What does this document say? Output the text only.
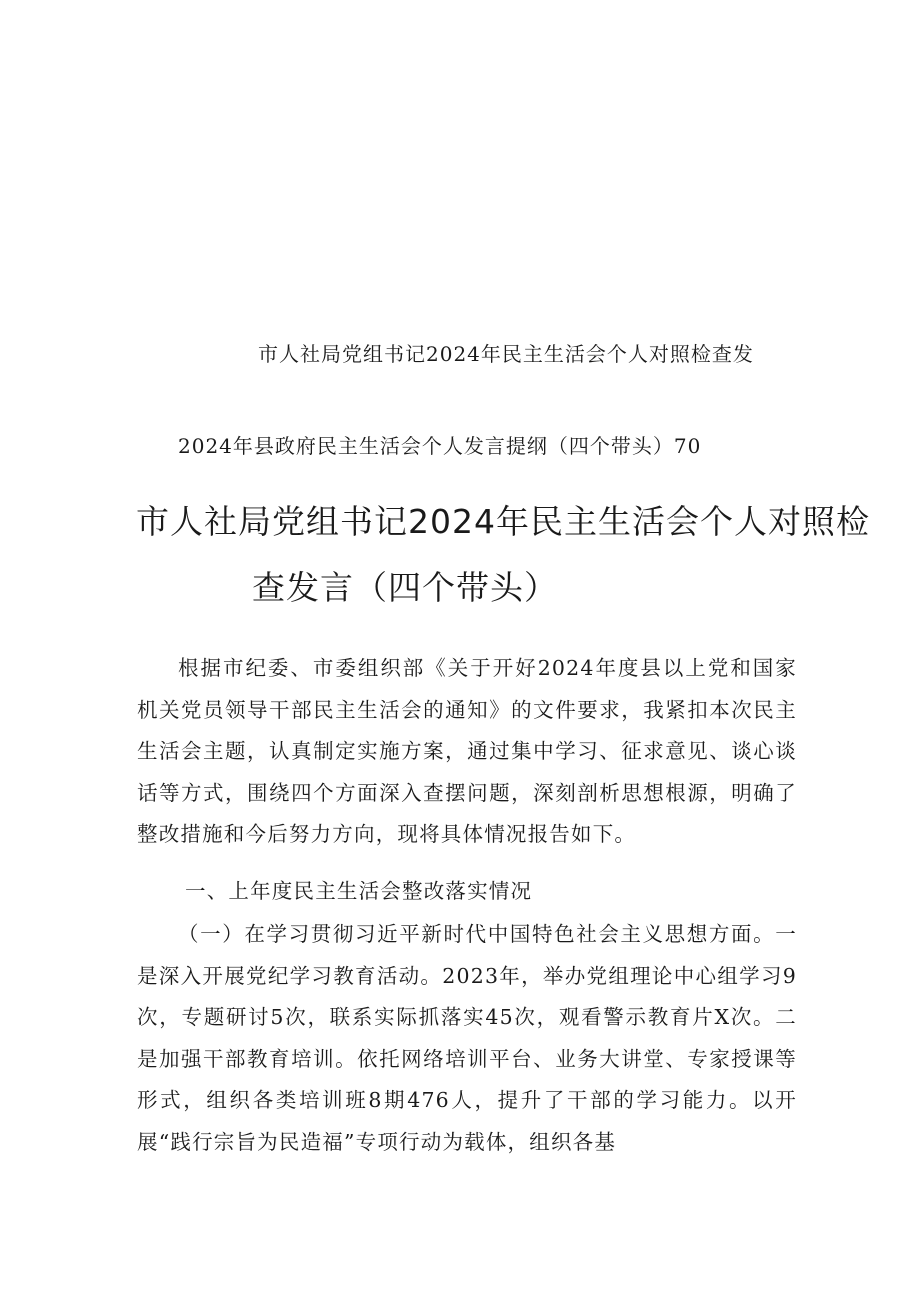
市人社局党组书记2024年民主生活会个人对照检查发
2024年县政府民主生活会个人发言提纲（四个带头）70
市人社局党组书记2024年民主生活会个人对照检
查发言（四个带头）

根据市纪委、市委组织部《关于开好2024年度县以上党和国家机关党员领导干部民主生活会的通知》的文件要求，我紧扣本次民主生活会主题，认真制定实施方案，通过集中学习、征求意见、谈心谈话等方式，围绕四个方面深入查摆问题，深刻剖析思想根源，明确了整改措施和今后努力方向，现将具体情况报告如下。

一、上年度民主生活会整改落实情况

（一）在学习贯彻习近平新时代中国特色社会主义思想方面。一是深入开展党纪学习教育活动。2023年，举办党组理论中心组学习9次，专题研讨5次，联系实际抓落实45次，观看警示教育片X次。二是加强干部教育培训。依托网络培训平台、业务大讲堂、专家授课等形式，组织各类培训班8期476人，提升了干部的学习能力。以开展“践行宗旨为民造福”专项行动为载体，组织各基
